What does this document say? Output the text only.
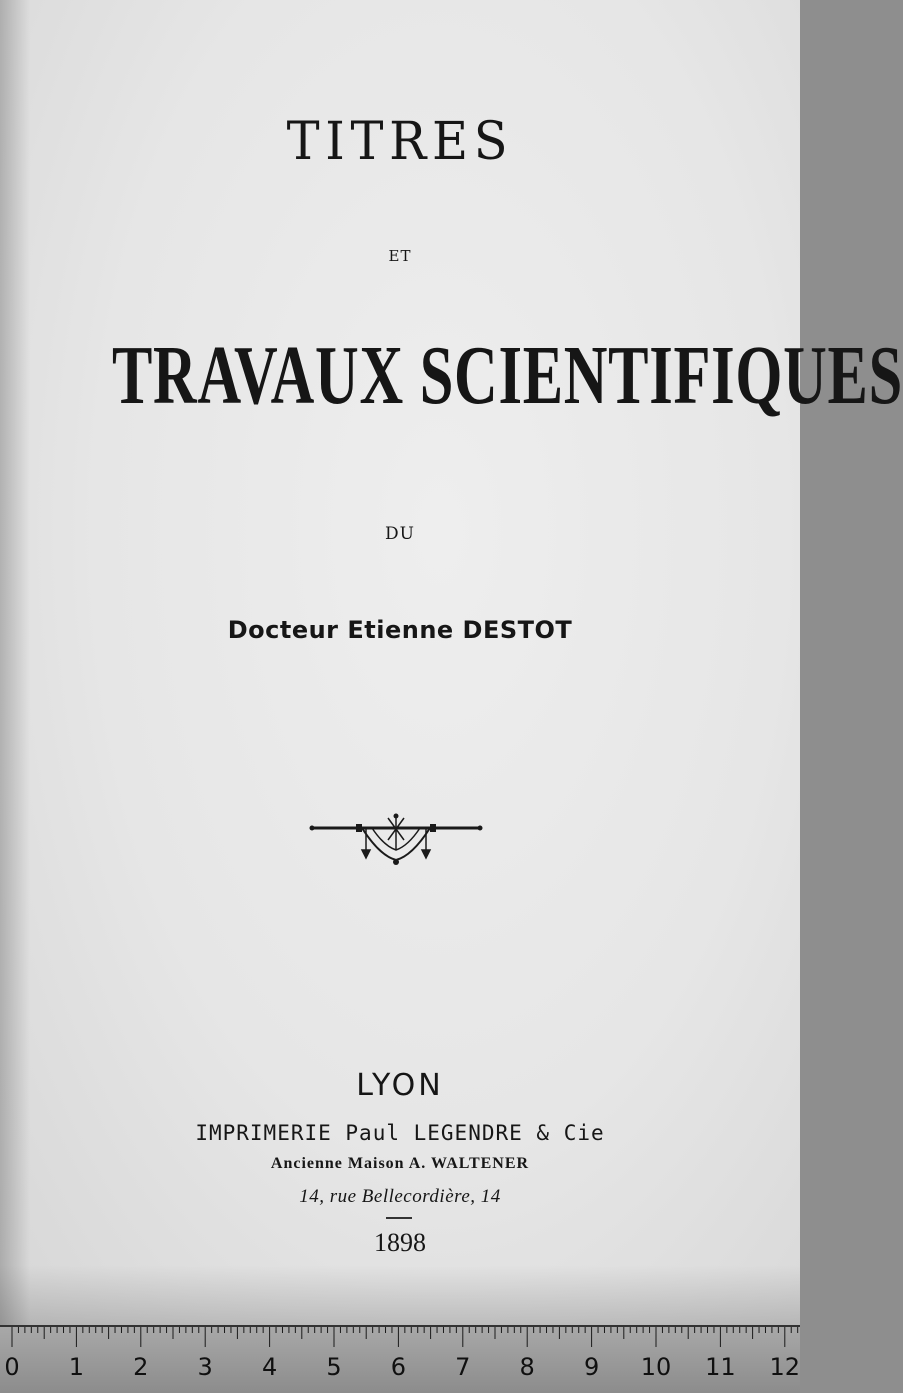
TITRES
ET
TRAVAUX SCIENTIFIQUES
DU
Docteur Etienne DESTOT
LYON
IMPRIMERIE Paul LEGENDRE & Cie
Ancienne Maison A. WALTENER
14, rue Bellecordière, 14
1898
0 1 2 3 4 5 6 7 8 9 10 11 12
